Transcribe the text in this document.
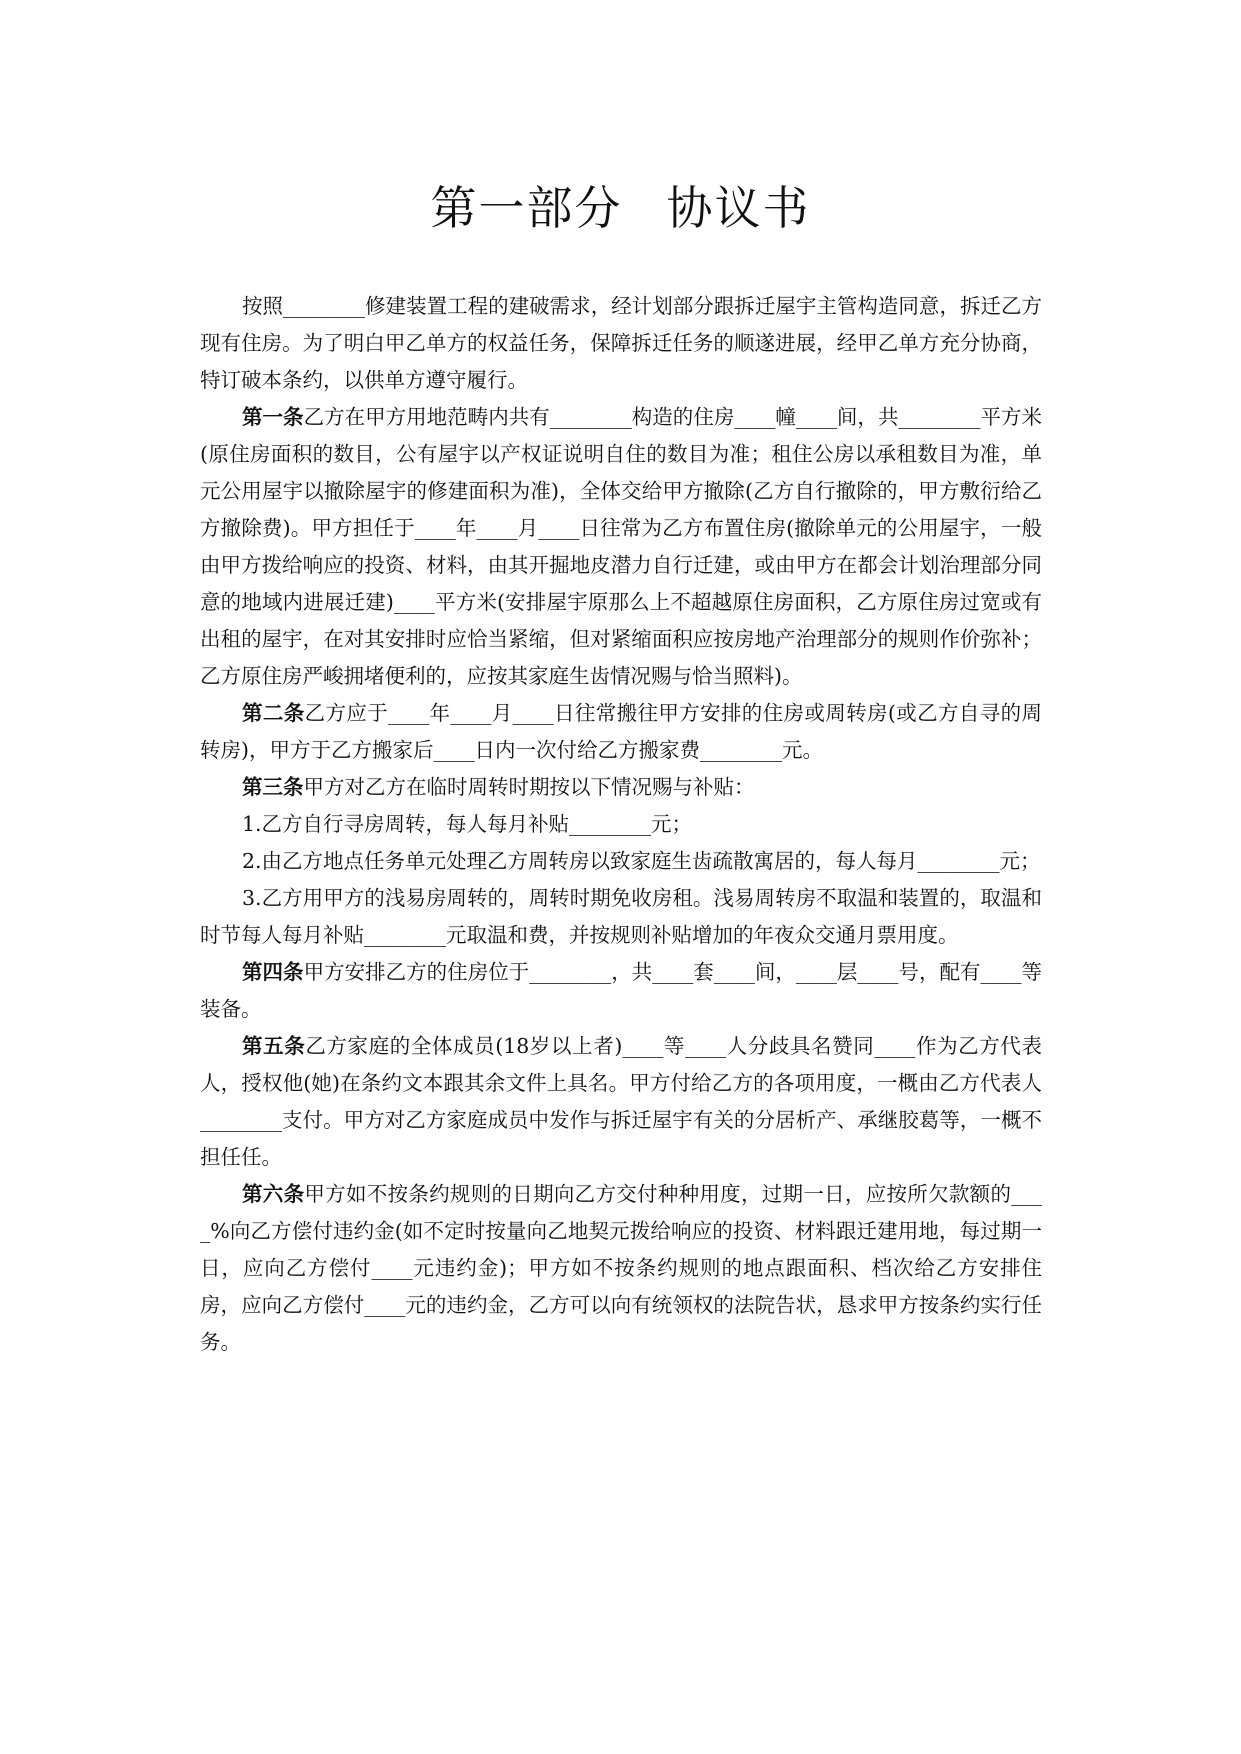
第一部分 协议书

按照________修建装置工程的建破需求，经计划部分跟拆迁屋宇主管构造同意，拆迁乙方现有住房。为了明白甲乙单方的权益任务，保障拆迁任务的顺遂进展，经甲乙单方充分协商，特订破本条约，以供单方遵守履行。

第一条乙方在甲方用地范畴内共有________构造的住房____幢____间，共________平方米(原住房面积的数目，公有屋宇以产权证说明自住的数目为准；租住公房以承租数目为准，单元公用屋宇以撤除屋宇的修建面积为准)，全体交给甲方撤除(乙方自行撤除的，甲方敷衍给乙方撤除费)。甲方担任于____年____月____日往常为乙方布置住房(撤除单元的公用屋宇，一般由甲方拨给响应的投资、材料，由其开掘地皮潜力自行迁建，或由甲方在都会计划治理部分同意的地域内进展迁建)____平方米(安排屋宇原那么上不超越原住房面积，乙方原住房过宽或有出租的屋宇，在对其安排时应恰当紧缩，但对紧缩面积应按房地产治理部分的规则作价弥补；乙方原住房严峻拥堵便利的，应按其家庭生齿情况赐与恰当照料)。

第二条乙方应于____年____月____日往常搬往甲方安排的住房或周转房(或乙方自寻的周转房)，甲方于乙方搬家后____日内一次付给乙方搬家费________元。

第三条甲方对乙方在临时周转时期按以下情况赐与补贴：

1.乙方自行寻房周转，每人每月补贴________元；

2.由乙方地点任务单元处理乙方周转房以致家庭生齿疏散寓居的，每人每月________元；

3.乙方用甲方的浅易房周转的，周转时期免收房租。浅易周转房不取温和装置的，取温和时节每人每月补贴________元取温和费，并按规则补贴增加的年夜众交通月票用度。

第四条甲方安排乙方的住房位于________，共____套____间，____层____号，配有____等装备。

第五条乙方家庭的全体成员(18岁以上者)____等____人分歧具名赞同____作为乙方代表人，授权他(她)在条约文本跟其余文件上具名。甲方付给乙方的各项用度，一概由乙方代表人________支付。甲方对乙方家庭成员中发作与拆迁屋宇有关的分居析产、承继胶葛等，一概不担任任。

第六条甲方如不按条约规则的日期向乙方交付种种用度，过期一日，应按所欠款额的____%向乙方偿付违约金(如不定时按量向乙地契元拨给响应的投资、材料跟迁建用地，每过期一日，应向乙方偿付____元违约金)；甲方如不按条约规则的地点跟面积、档次给乙方安排住房，应向乙方偿付____元的违约金，乙方可以向有统领权的法院告状，恳求甲方按条约实行任务。
